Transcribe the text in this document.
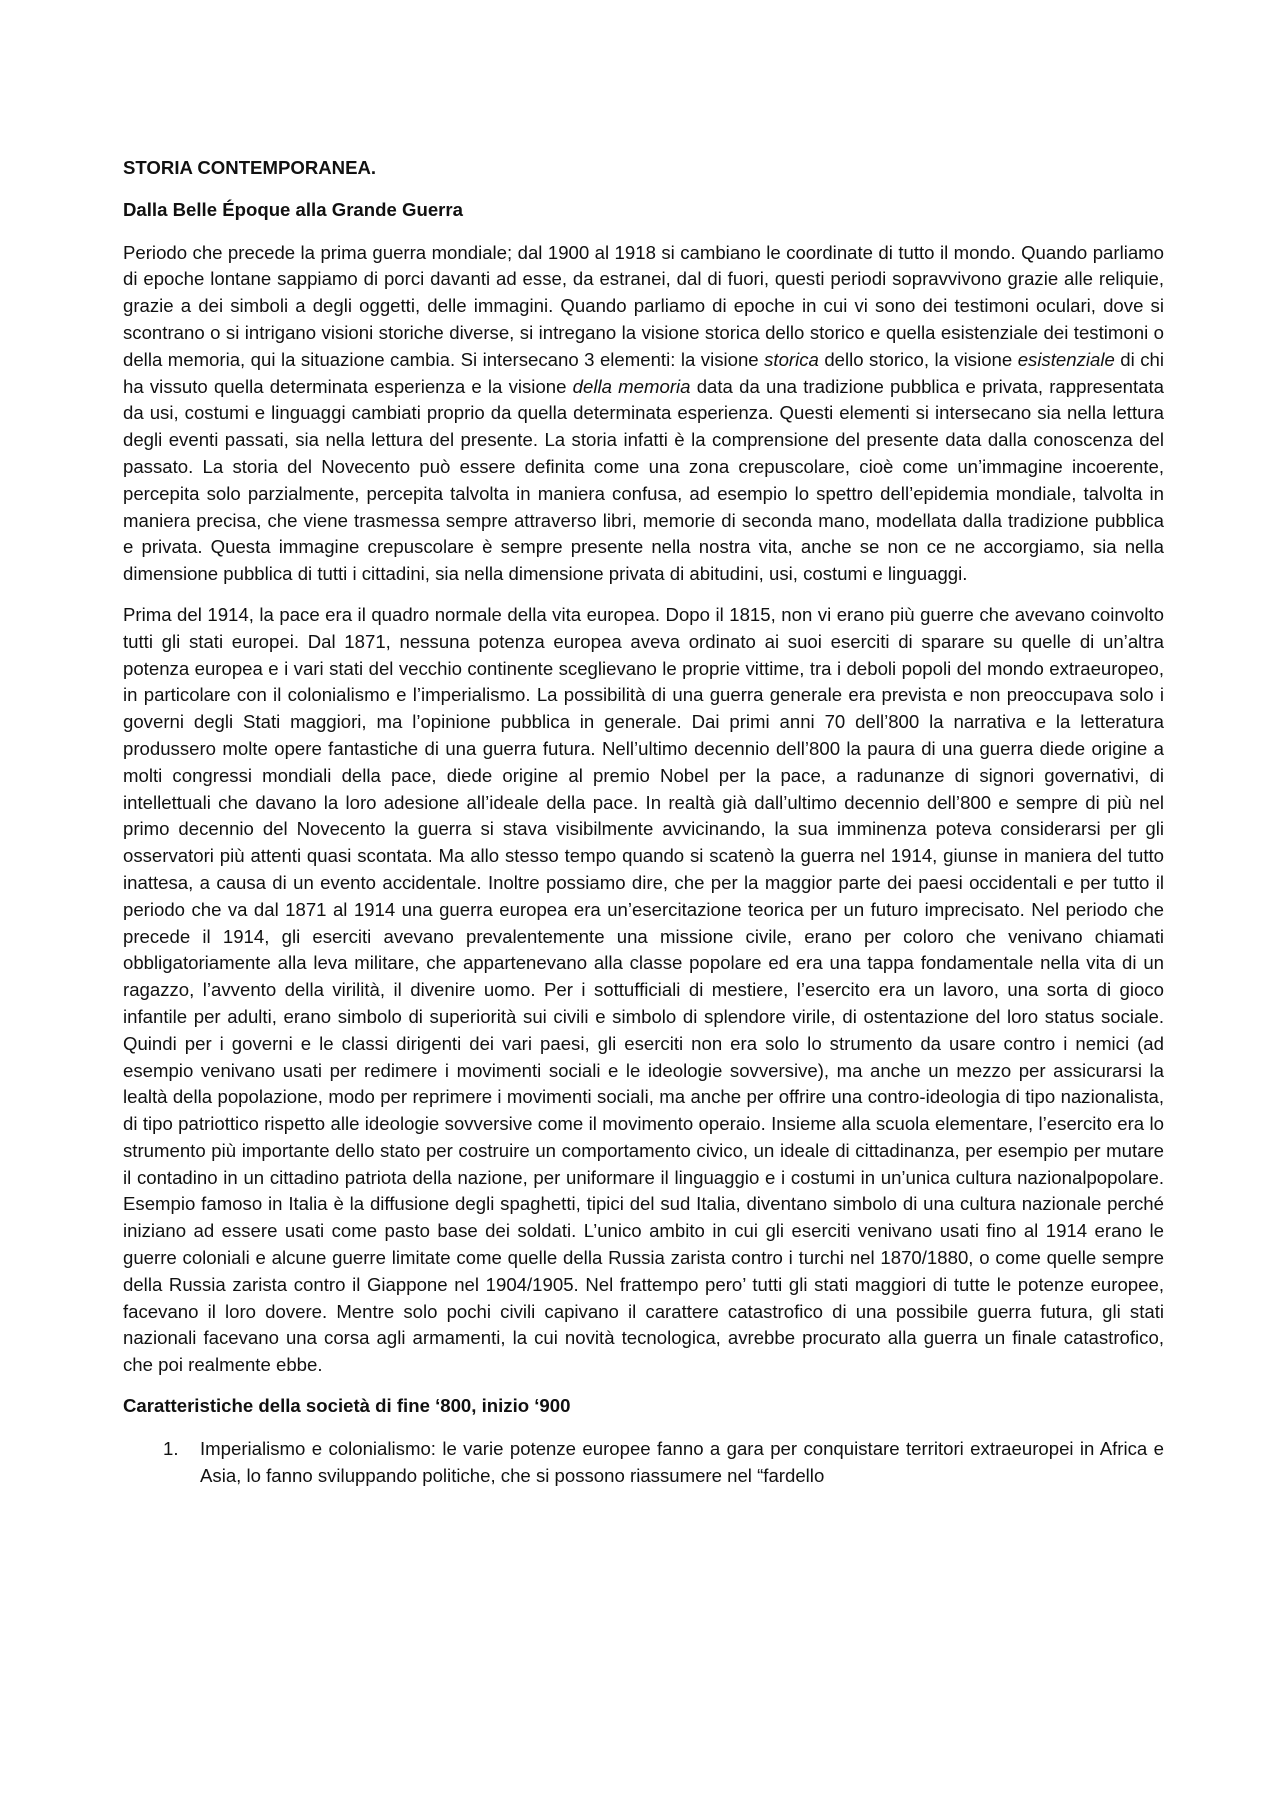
STORIA CONTEMPORANEA.
Dalla Belle Époque alla Grande Guerra

Periodo che precede la prima guerra mondiale; dal 1900 al 1918 si cambiano le coordinate di tutto il mondo. Quando parliamo di epoche lontane sappiamo di porci davanti ad esse, da estranei, dal di fuori, questi periodi sopravvivono grazie alle reliquie, grazie a dei simboli a degli oggetti, delle immagini. Quando parliamo di epoche in cui vi sono dei testimoni oculari, dove si scontrano o si intrigano visioni storiche diverse, si intregano la visione storica dello storico e quella esistenziale dei testimoni o della memoria, qui la situazione cambia. Si intersecano 3 elementi: la visione storica dello storico, la visione esistenziale di chi ha vissuto quella determinata esperienza e la visione della memoria data da una tradizione pubblica e privata, rappresentata da usi, costumi e linguaggi cambiati proprio da quella determinata esperienza. Questi elementi si intersecano sia nella lettura degli eventi passati, sia nella lettura del presente. La storia infatti è la comprensione del presente data dalla conoscenza del passato. La storia del Novecento può essere definita come una zona crepuscolare, cioè come un’immagine incoerente, percepita solo parzialmente, percepita talvolta in maniera confusa, ad esempio lo spettro dell’epidemia mondiale, talvolta in maniera precisa, che viene trasmessa sempre attraverso libri, memorie di seconda mano, modellata dalla tradizione pubblica e privata. Questa immagine crepuscolare è sempre presente nella nostra vita, anche se non ce ne accorgiamo, sia nella dimensione pubblica di tutti i cittadini, sia nella dimensione privata di abitudini, usi, costumi e linguaggi.

Prima del 1914, la pace era il quadro normale della vita europea. Dopo il 1815, non vi erano più guerre che avevano coinvolto tutti gli stati europei. Dal 1871, nessuna potenza europea aveva ordinato ai suoi eserciti di sparare su quelle di un’altra potenza europea e i vari stati del vecchio continente sceglievano le proprie vittime, tra i deboli popoli del mondo extraeuropeo, in particolare con il colonialismo e l’imperialismo. La possibilità di una guerra generale era prevista e non preoccupava solo i governi degli Stati maggiori, ma l’opinione pubblica in generale. Dai primi anni 70 dell’800 la narrativa e la letteratura produssero molte opere fantastiche di una guerra futura. Nell’ultimo decennio dell’800 la paura di una guerra diede origine a molti congressi mondiali della pace, diede origine al premio Nobel per la pace, a radunanze di signori governativi, di intellettuali che davano la loro adesione all’ideale della pace. In realtà già dall’ultimo decennio dell’800 e sempre di più nel primo decennio del Novecento la guerra si stava visibilmente avvicinando, la sua imminenza poteva considerarsi per gli osservatori più attenti quasi scontata. Ma allo stesso tempo quando si scatenò la guerra nel 1914, giunse in maniera del tutto inattesa, a causa di un evento accidentale. Inoltre possiamo dire, che per la maggior parte dei paesi occidentali e per tutto il periodo che va dal 1871 al 1914 una guerra europea era un’esercitazione teorica per un futuro imprecisato. Nel periodo che precede il 1914, gli eserciti avevano prevalentemente una missione civile, erano per coloro che venivano chiamati obbligatoriamente alla leva militare, che appartenevano alla classe popolare ed era una tappa fondamentale nella vita di un ragazzo, l’avvento della virilità, il divenire uomo. Per i sottufficiali di mestiere, l’esercito era un lavoro, una sorta di gioco infantile per adulti, erano simbolo di superiorità sui civili e simbolo di splendore virile, di ostentazione del loro status sociale. Quindi per i governi e le classi dirigenti dei vari paesi, gli eserciti non era solo lo strumento da usare contro i nemici (ad esempio venivano usati per redimere i movimenti sociali e le ideologie sovversive), ma anche un mezzo per assicurarsi la lealtà della popolazione, modo per reprimere i movimenti sociali, ma anche per offrire una contro-ideologia di tipo nazionalista, di tipo patriottico rispetto alle ideologie sovversive come il movimento operaio. Insieme alla scuola elementare, l’esercito era lo strumento più importante dello stato per costruire un comportamento civico, un ideale di cittadinanza, per esempio per mutare il contadino in un cittadino patriota della nazione, per uniformare il linguaggio e i costumi in un’unica cultura nazionalpopolare. Esempio famoso in Italia è la diffusione degli spaghetti, tipici del sud Italia, diventano simbolo di una cultura nazionale perché iniziano ad essere usati come pasto base dei soldati. L’unico ambito in cui gli eserciti venivano usati fino al 1914 erano le guerre coloniali e alcune guerre limitate come quelle della Russia zarista contro i turchi nel 1870/1880, o come quelle sempre della Russia zarista contro il Giappone nel 1904/1905. Nel frattempo pero’ tutti gli stati maggiori di tutte le potenze europee, facevano il loro dovere. Mentre solo pochi civili capivano il carattere catastrofico di una possibile guerra futura, gli stati nazionali facevano una corsa agli armamenti, la cui novità tecnologica, avrebbe procurato alla guerra un finale catastrofico, che poi realmente ebbe.

Caratteristiche della società di fine ‘800, inizio ‘900
1. Imperialismo e colonialismo: le varie potenze europee fanno a gara per conquistare territori extraeuropei in Africa e Asia, lo fanno sviluppando politiche, che si possono riassumere nel “fardello
